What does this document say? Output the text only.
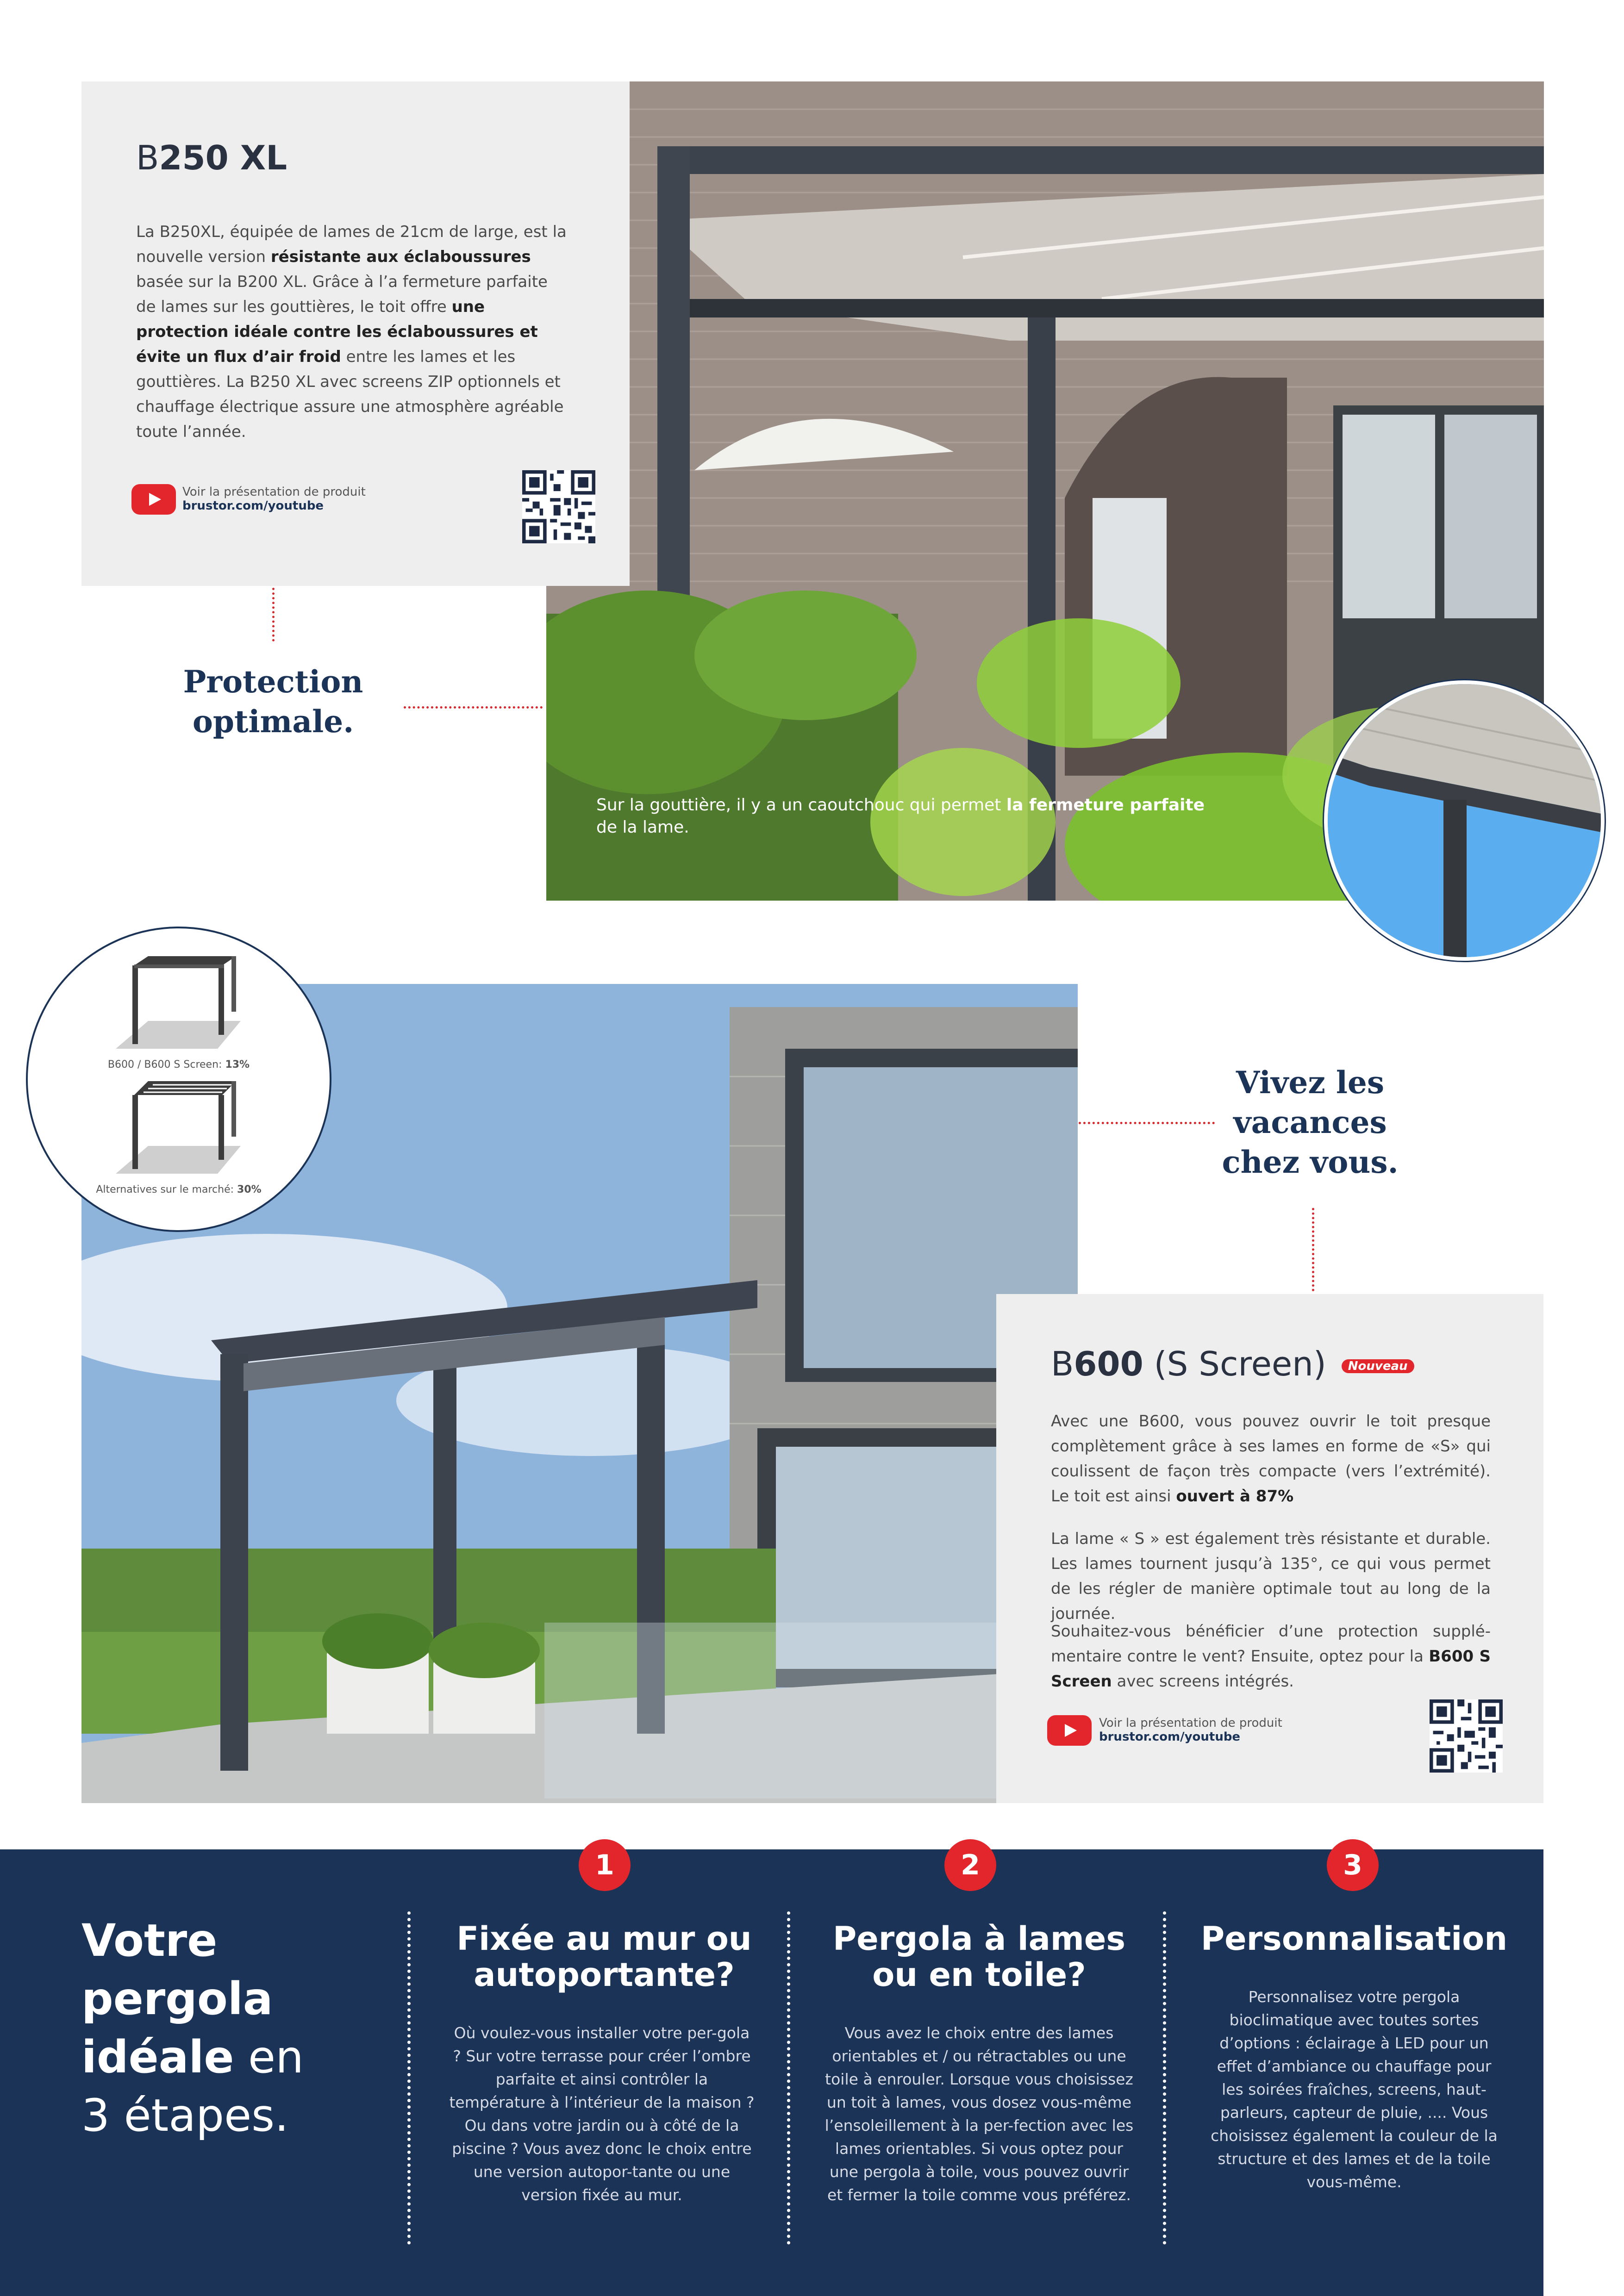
Sur la gouttière, il y a un caoutchouc qui permet la fermeture parfaite
de la lame.
B250 XL
La B250XL, équipée de lames de 21cm de large, est la nouvelle version résistante aux éclaboussures basée sur la B200 XL. Grâce à l’a fermeture parfaite de lames sur les gouttières, le toit offre une protection idéale contre les éclaboussures et évite un flux d’air froid entre les lames et les gouttières. La B250 XL avec screens ZIP optionnels et chauffage électrique assure une atmosphère agréable toute l’année.
Voir la présentation de produit
brustor.com/youtube
Protection
optimale.
B600 / B600 S Screen: 13%
Alternatives sur le marché: 30%
Vivez les
vacances
chez vous.
B600 (S Screen) Nouveau
Avec une B600, vous pouvez ouvrir le toit presque complètement grâce à ses lames en forme de «S» qui coulissent de façon très compacte (vers l’extrémité). Le toit est ainsi ouvert à 87%
La lame « S » est également très résistante et durable. Les lames tournent jusqu’à 135°, ce qui vous permet de les régler de manière optimale tout au long de la journée.
Souhaitez-vous bénéficier d’une protection supplé-mentaire contre le vent? Ensuite, optez pour la B600 S Screen avec screens intégrés.
Voir la présentation de produit
brustor.com/youtube
Votre
pergola
idéale en
3 étapes.
1
Fixée au mur ou autoportante?
Où voulez-vous installer votre per-gola ? Sur votre terrasse pour créer l’ombre parfaite et ainsi contrôler la température à l’intérieur de la maison ? Ou dans votre jardin ou à côté de la piscine ? Vous avez donc le choix entre une version autopor-tante ou une version fixée au mur.
2
Pergola à lames ou en toile?
Vous avez le choix entre des lames orientables et / ou rétractables ou une toile à enrouler. Lorsque vous choisissez un toit à lames, vous dosez vous-même l’ensoleillement à la per-fection avec les lames orientables. Si vous optez pour une pergola à toile, vous pouvez ouvrir et fermer la toile comme vous préférez.
3
Personnalisation
Personnalisez votre pergola bioclimatique avec toutes sortes d’options : éclairage à LED pour un effet d’ambiance ou chauffage pour les soirées fraîches, screens, haut-parleurs, capteur de pluie, .... Vous choisissez également la couleur de la structure et des lames et de la toile vous-même.
